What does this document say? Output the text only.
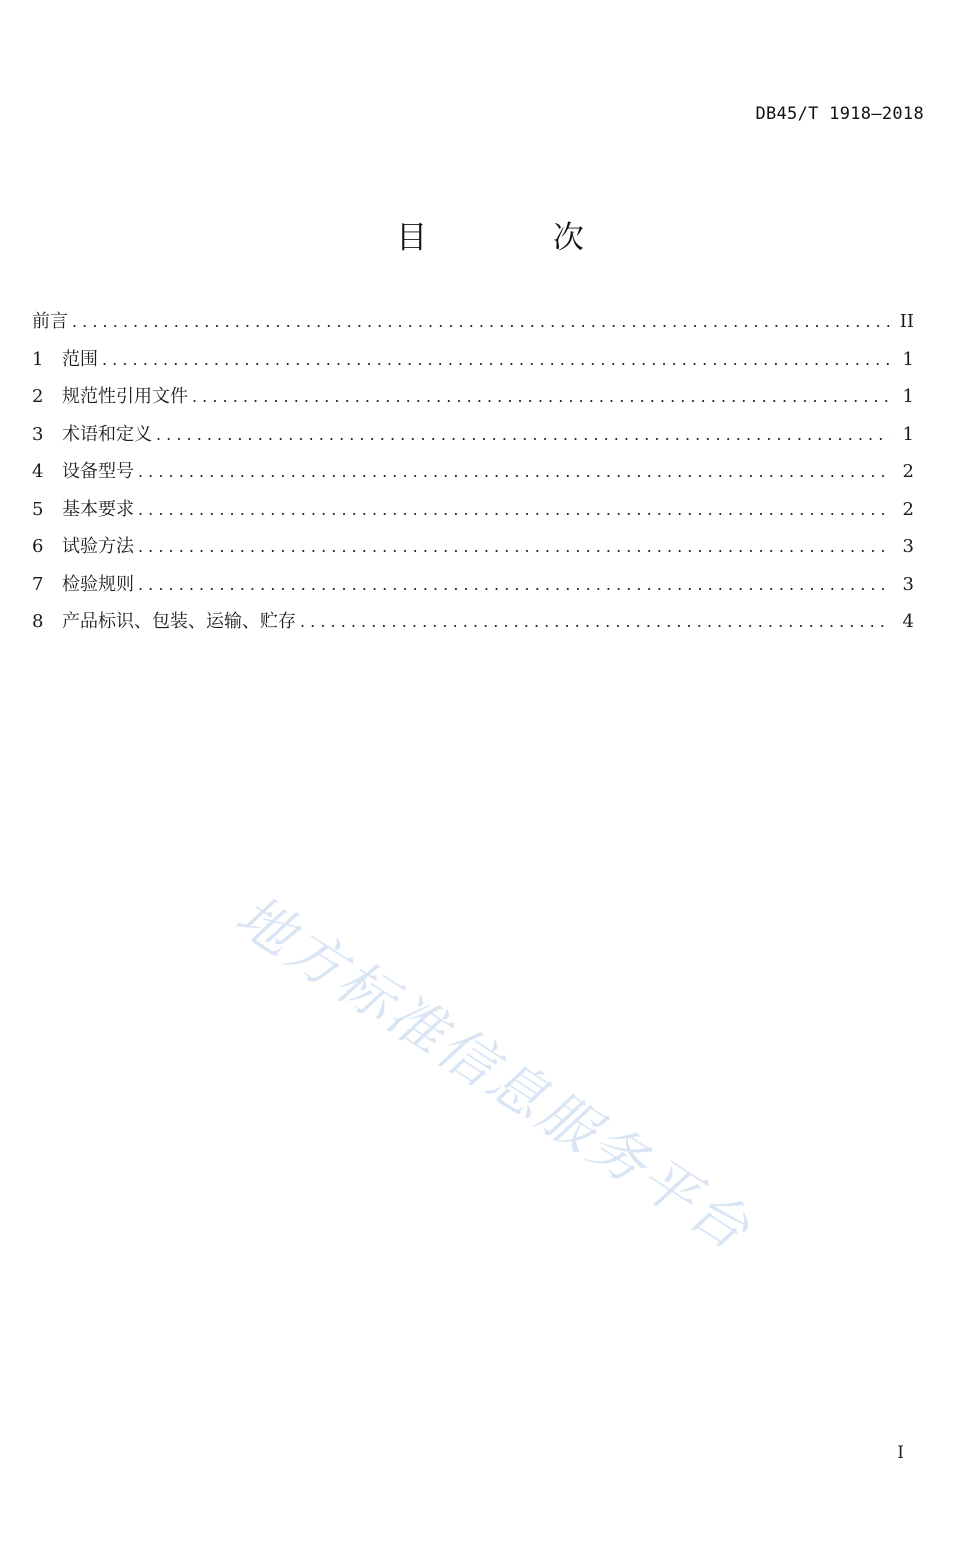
DB45/T 1918—2018
目 次
前言 . . .	II
1	范围 . . .	1
2	规范性引用文件 . . .	1
3	术语和定义 . . .	1
4	设备型号 . . .	2
5	基本要求 . . .	2
6	试验方法 . . .	3
7	检验规则 . . .	3
8	产品标识、包装、运输、贮存 . . .	4
地方标准信息服务平台
I
